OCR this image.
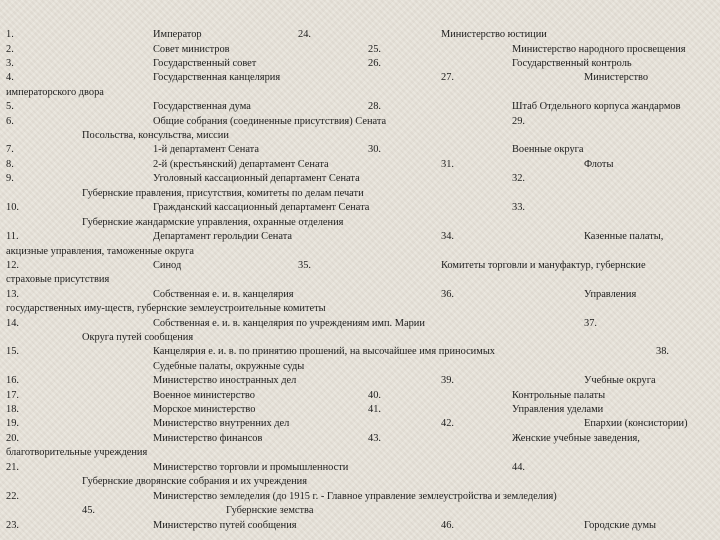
1.	Император	24.	Министерство юстиции
2.	Совет министров	25.	Министерство народного просвещения
3.	Государственный совет	26.	Государственный контроль
4.	Государственная канцелярия	27.	Министерство
императорского двора
5.	Государственная дума	28.	Штаб Отдельного корпуса жандармов
6.	Общие собрания (соединенные присутствия) Сената	29.
Посольства, консульства, миссии
7.	1-й департамент Сената	30.	Военные округа
8.	2-й (крестьянский) департамент Сената	31.	Флоты
9.	Уголовный кассационный департамент Сената	32.
Губернские правления, присутствия, комитеты по делам печати
10.	Гражданский кассационный департамент Сената	33.
Губернские жандармские управления, охранные отделения
11.	Департамент герольдии Сената	34.	Казенные палаты,
акцизные управления, таможенные округа
12.	Синод	35.	Комитеты торговли и мануфактур, губернские
страховые присутствия
13.	Собственная е. и. в. канцелярия	36.	Управления
государственных иму-ществ, губернские землеустроительные комитеты
14.	Собственная е. и. в. канцелярия по учреждениям имп. Марии	37.
Округа путей сообщения
15.	Канцелярия е. и. в. по принятию прошений, на высочайшее имя приносимых	38.
Судебные палаты, окружные суды
16.	Министерство иностранных дел	39.	Учебные округа
17.	Военное министерство	40.	Контрольные палаты
18.	Морское министерство	41.	Управления уделами
19.	Министерство внутренних дел	42.	Епархии (консистории)
20.	Министерство финансов	43.	Женские учебные заведения,
благотворительные учреждения
21.	Министерство торговли и промышленности	44.
Губернские дворянские собрания и их учреждения
22.	Министерство земледелия (до 1915 г. - Главное управление землеустройства и земледелия)
45.	Губернские земства
23.	Министерство путей сообщения	46.	Городские думы
